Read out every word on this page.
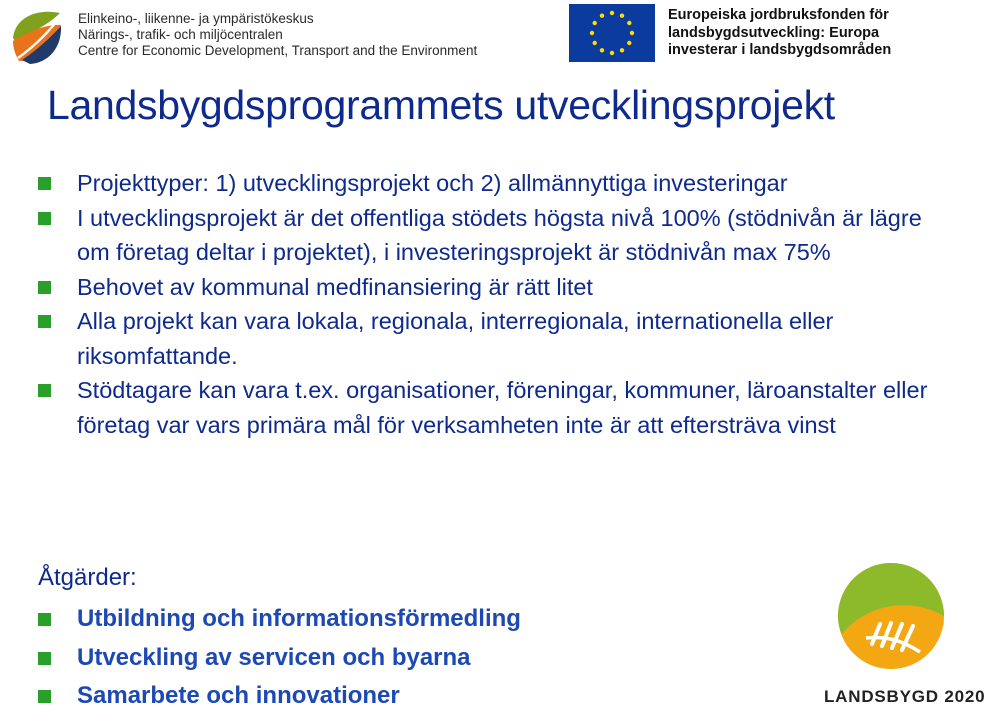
Elinkeino-, liikenne- ja ympäristökeskus
Närings-, trafik- och miljöcentralen
Centre for Economic Development, Transport and the Environment
Europeiska jordbruksfonden för
landsbygdsutveckling: Europa
investerar i landsbygdsområden
Landsbygdsprogrammets utvecklingsprojekt
Projekttyper: 1) utvecklingsprojekt och 2) allmännyttiga investeringar
I utvecklingsprojekt är det offentliga stödets högsta nivå 100% (stödnivån är lägre om företag deltar i projektet), i investeringsprojekt är stödnivån max 75%
Behovet av kommunal medfinansiering är rätt litet
Alla projekt kan vara lokala, regionala, interregionala, internationella eller riksomfattande.
Stödtagare kan vara t.ex. organisationer, föreningar, kommuner, läroanstalter eller företag var vars primära mål för verksamheten inte är att eftersträva vinst
Åtgärder:
Utbildning och informationsförmedling
Utveckling av servicen och byarna
Samarbete och innovationer	LANDSBYGD 2020
